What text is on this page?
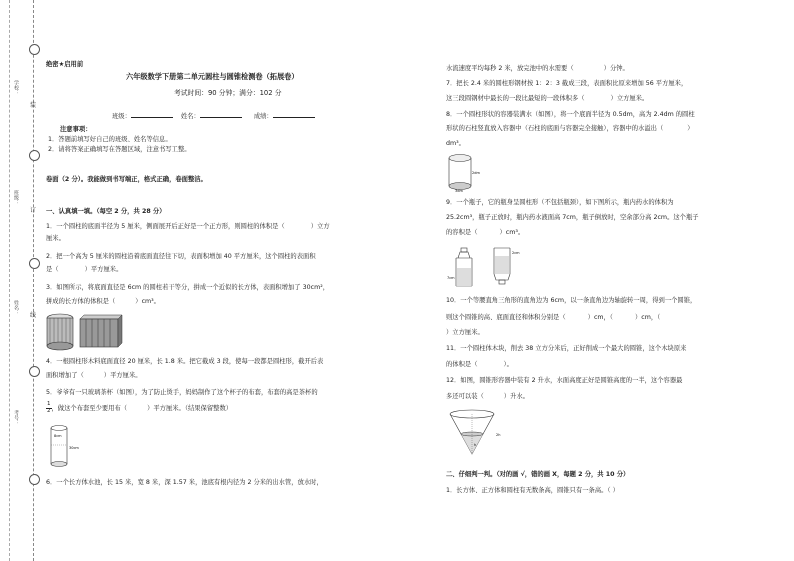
装
订
线
学校：
班级：
姓名：
考号：
绝密★启用前
六年级数学下册第二单元圆柱与圆锥检测卷（拓展卷）
考试时间：90 分钟；满分：102 分
班级：	姓名：	成绩：
注意事项：
1．答题前填写好自己的班级、姓名等信息。
2．请将答案正确填写在答题区域，注意书写工整。
卷面（2 分）。我能做到书写端正，格式正确，卷面整洁。
一、认真填一填。（每空 2 分，共 28 分）
1．一个圆柱的底面半径为 5 厘米，侧面展开后正好是一个正方形，则圆柱的体积是（	）立方
厘米。
2．把一个高为 5 厘米的圆柱沿着底面直径往下切，表面积增加 40 平方厘米，这个圆柱的表面积
是（	）平方厘米。
3．如图所示，将底面直径是 6cm 的圆柱若干等分，拼成一个近似的长方体，表面积增加了 30cm²，
拼成的长方体的体积是（	）cm³。
4．一根圆柱形木料底面直径 20 厘米，长 1.8 米。把它截成 3 段，使每一段都是圆柱形，截开后表
面积增加了（	）平方厘米。
5．爷爷有一只玻璃茶杯（如图），为了防止烫手，妈妈制作了这个杯子的布套，布套的高是茶杯的
$\frac{1}{2}$ ，做这个布套至少要用布（	）平方厘米。（结果保留整数）
8cm
30cm
6．一个长方体水池，长 15 米，宽 8 米，深 1.57 米，池底有根内径为 2 分米的出水管，放水时，
水流速度平均每秒 2 米，放完池中的水需要（	）分钟。
7．把长 2.4 米的圆柱形钢材按 1：2：3 截成三段，表面积比原来增加 56 平方厘米，
这三段圆钢材中最长的一段比最短的一段体积多（	）立方厘米。
8．一个圆柱形状的容器装满水（如图），将一个底面半径为 0.5dm，高为 2.4dm 的圆柱
形状的石柱竖直放入容器中（石柱的底面与容器完全接触），容器中的水溢出（	）
dm³。
2dm
3dm
9．一个瓶子，它的瓶身呈圆柱形（不包括瓶颈），如下图所示，瓶内药水的体积为
25.2cm³，瓶子正放时，瓶内药水液面高 7cm，瓶子倒放时，空余部分高 2cm。这个瓶子
的容积是（	）cm³。
7cm
2cm
10．一个等腰直角三角形的直角边为 6cm，以一条直角边为轴旋转一周，得到一个圆锥，
则这个圆锥的高、底面直径和体积分别是（	）cm，（	）cm，（
）立方厘米。
11．一个圆柱体木块，削去 38 立方分米后，正好削成一个最大的圆锥，这个木块原来
的体积是（	）。
12．如图，圆锥形容器中装有 2 升水，水面高度正好是圆锥高度的一半，这个容器最
多还可以装（	）升水。
h
2h
二、仔细判一判。（对的画 √，错的画 X，每题 2 分，共 10 分）
1．长方体、正方体和圆柱有无数条高，圆锥只有一条高。（ ）
